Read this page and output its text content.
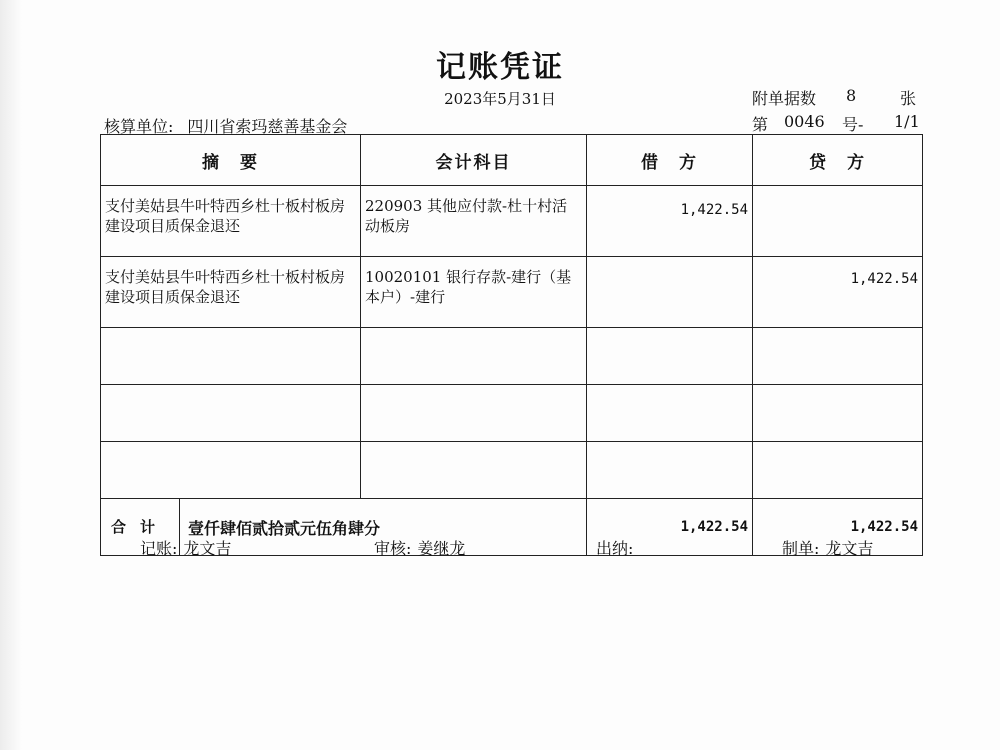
记账凭证
2023年5月31日	附单据数 8	张
核算单位: 四川省索玛慈善基金会	第 0046 号- 1/1
摘　要	会计科目	借　方	贷　方
支付美姑县牛叶特西乡杜十板村板房建设项目质保金退还	220903 其他应付款-杜十村活动板房	1,422.54	
支付美姑县牛叶特西乡杜十板村板房建设项目质保金退还	10020101 银行存款-建行（基本户）-建行		1,422.54

合计 壹仟肆佰贰拾贰元伍角肆分		1,422.54	1,422.54
记账: 龙文吉	审核: 姜继龙	出纳:	制单: 龙文吉
